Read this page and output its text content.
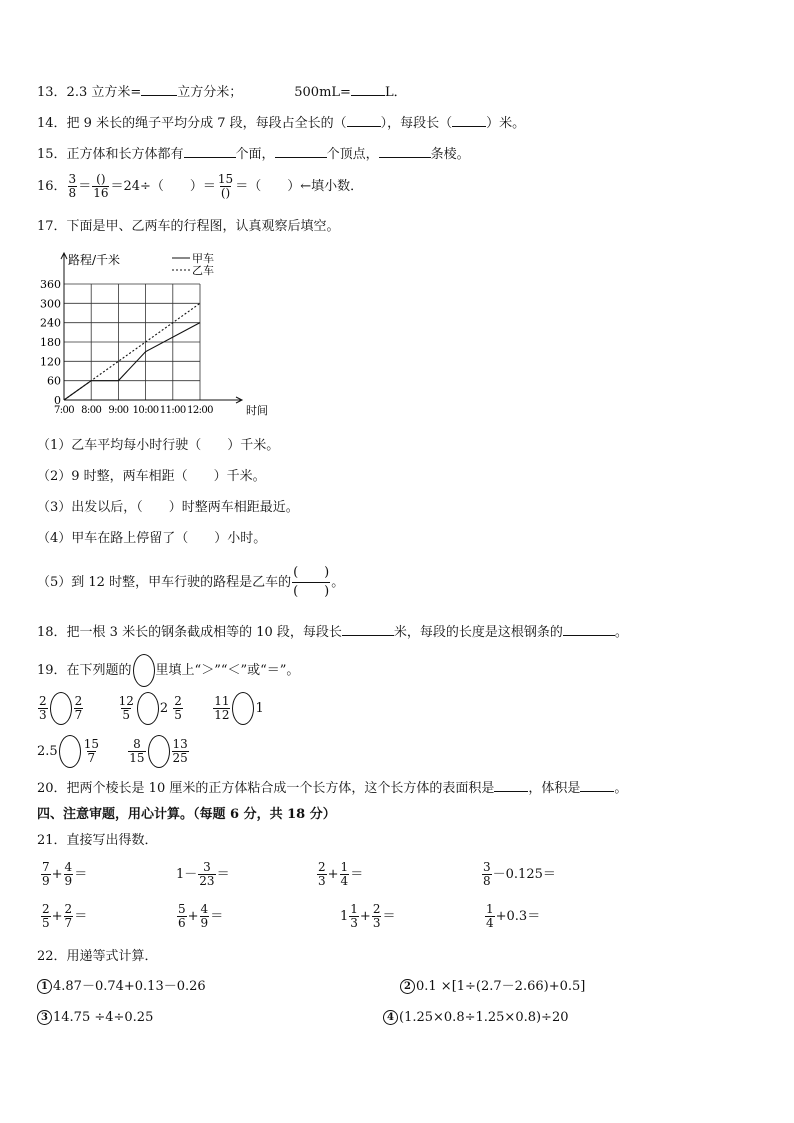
13．2.3 立方米=	立方分米；	500mL=	L．
14．把 9 米长的绳子平均分成 7 段，每段占全长的（	），每段长（	）米。
15．正方体和长方体都有	个面，	个顶点，	条棱。
16． $\frac{3}{8} = \frac{()}{16} =24\div$（　　）＝ $\frac{15}{()}$ ＝（　　）←填小数．
17．下面是甲、乙两车的行程图，认真观察后填空。
0
60
120
180
240
300
360
7:00 8:00 9:00 10:00 11:00 12:00
甲车
乙车
路程/千米
时间
（1）乙车平均每小时行驶（　　）千米。
（2）9 时整，两车相距（　　）千米。
（3）出发以后，（　　）时整两车相距最近。
（4）甲车在路上停留了（　　）小时。
（5）到 12 时整，甲车行驶的路程是乙车的 $\frac{( )}{( )}$ 。
18．把一根 3 米长的钢条截成相等的 10 段，每段长	米，每段的长度是这根钢条的	。
19．在下列题的 里填上“＞”“＜”或“＝”。
$\frac{2}{3} \frac{2}{7}$
	$\frac{12}{5} 2 \frac{2}{5}$
	$\frac{11}{12} 1$
$2.5 \frac{15}{7}$
$\frac{8}{15} \frac{13}{25}$
20．把两个棱长是 10 厘米的正方体粘合成一个长方体，这个长方体的表面积是	，体积是	。
四、注意审题，用心计算。（每题 6 分，共 18 分）
21．直接写出得数．
$\frac{7}{9} + \frac{4}{9}$ ＝	$1- \frac{3}{23}$ ＝	$\frac{2}{3} + \frac{1}{4}$ ＝	$\frac{3}{8} -0.125=$
$\frac{2}{5} + \frac{2}{7}$ ＝	$\frac{5}{6} + \frac{4}{9}$ ＝	$1 \frac{1}{3} + \frac{2}{3}$ ＝	$\frac{1}{4} +0.3=$
22．用递等式计算．
1 4.87－0.74+0.13－0.26	2 0.1 ×[1÷(2.7－2.66)+0.5]
3 14.75 ÷4÷0.25	4 (1.25×0.8÷1.25×0.8)÷20
